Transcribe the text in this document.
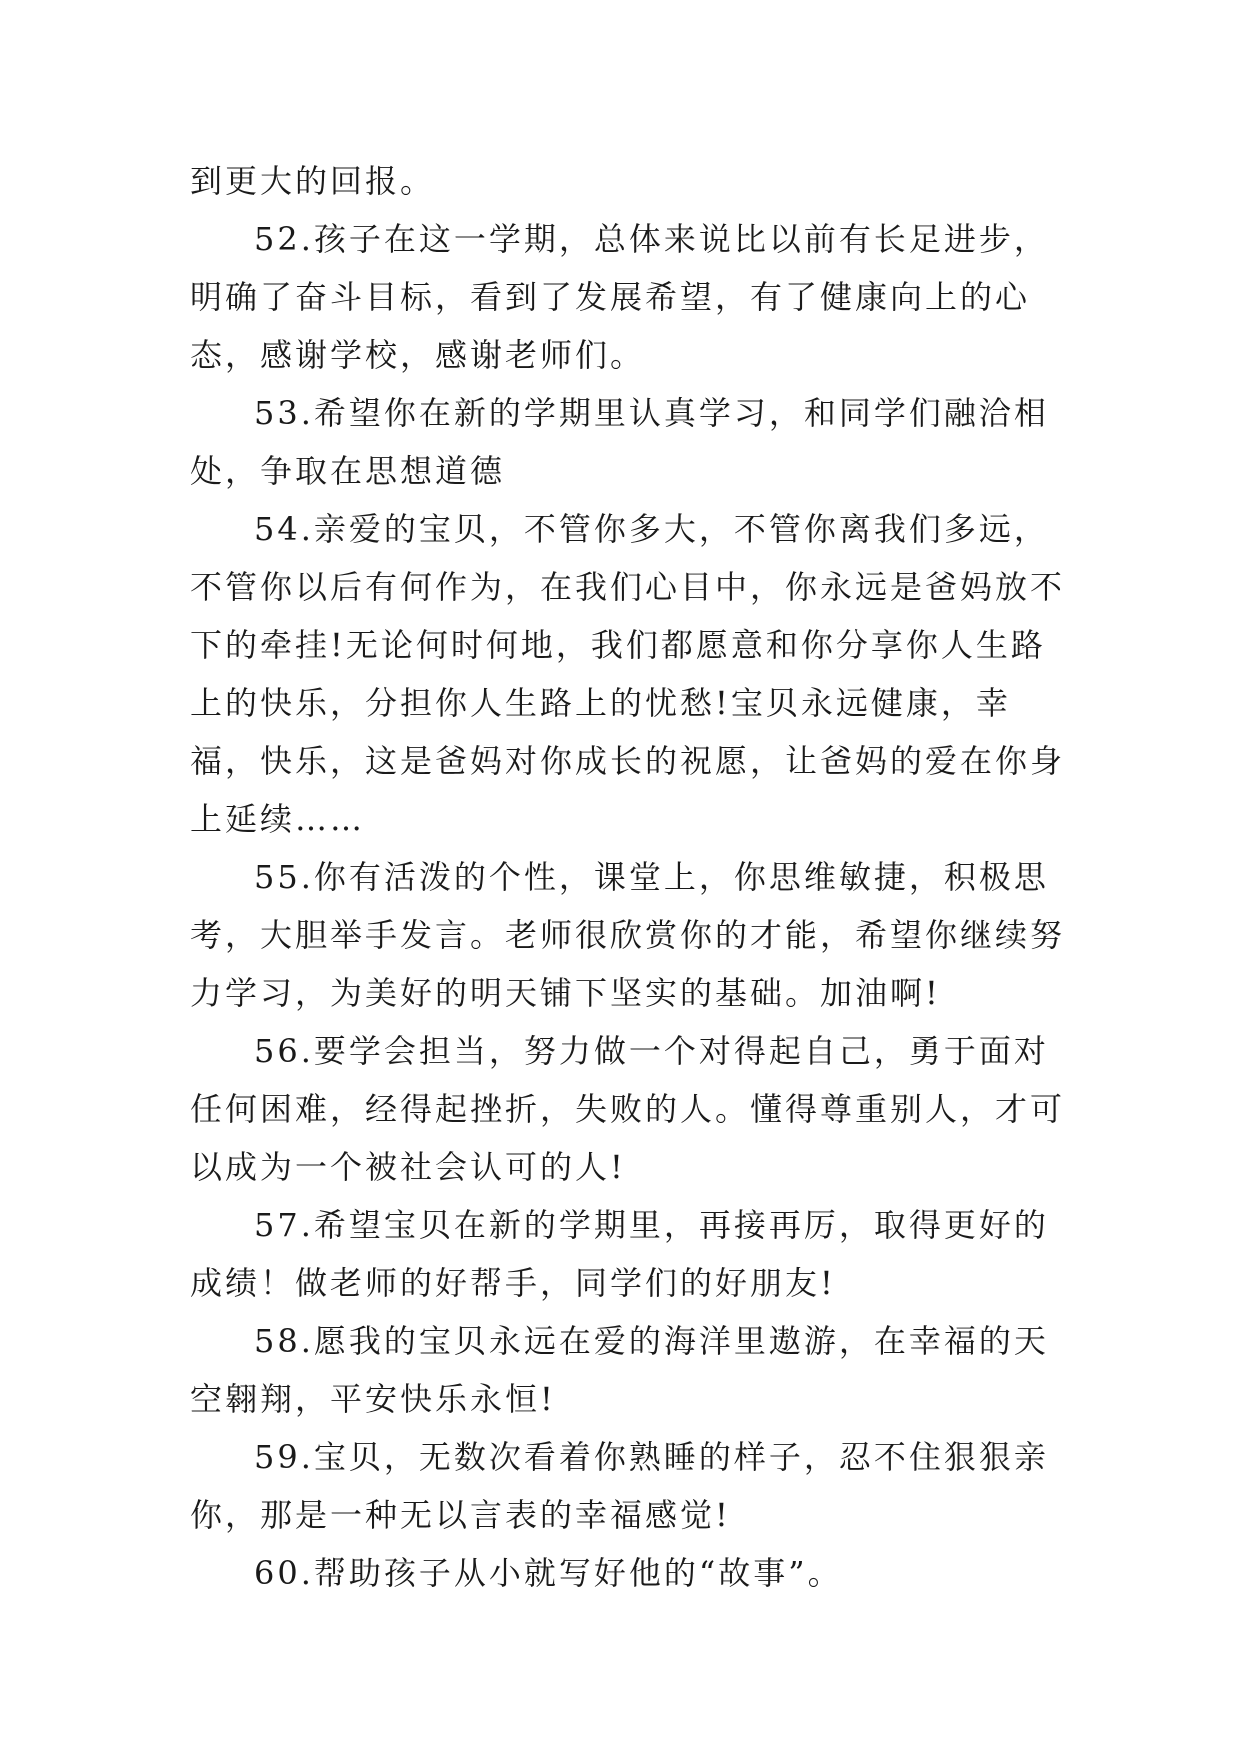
到更大的回报。

52.孩子在这一学期，总体来说比以前有长足进步，明确了奋斗目标，看到了发展希望，有了健康向上的心态，感谢学校，感谢老师们。

53.希望你在新的学期里认真学习，和同学们融洽相处，争取在思想道德

54.亲爱的宝贝，不管你多大，不管你离我们多远，不管你以后有何作为，在我们心目中，你永远是爸妈放不下的牵挂!无论何时何地，我们都愿意和你分享你人生路上的快乐，分担你人生路上的忧愁!宝贝永远健康，幸福，快乐，这是爸妈对你成长的祝愿，让爸妈的爱在你身上延续……

55.你有活泼的个性，课堂上，你思维敏捷，积极思考，大胆举手发言。老师很欣赏你的才能，希望你继续努力学习，为美好的明天铺下坚实的基础。加油啊!

56.要学会担当，努力做一个对得起自己，勇于面对任何困难，经得起挫折，失败的人。懂得尊重别人，才可以成为一个被社会认可的人!

57.希望宝贝在新的学期里，再接再厉，取得更好的成绩！做老师的好帮手，同学们的好朋友!

58.愿我的宝贝永远在爱的海洋里遨游，在幸福的天空翱翔，平安快乐永恒!

59.宝贝，无数次看着你熟睡的样子，忍不住狠狠亲你，那是一种无以言表的幸福感觉!

60.帮助孩子从小就写好他的“故事”。
